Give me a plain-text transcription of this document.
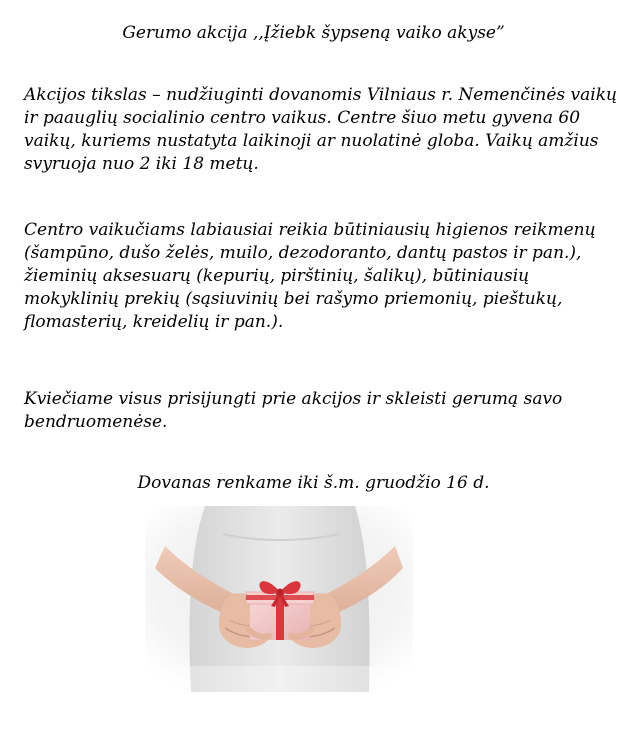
Gerumo akcija ,,Įžiebk šypseną vaiko akyse”

Akcijos tikslas – nudžiuginti dovanomis Vilniaus r. Nemenčinės vaikų ir paauglių socialinio centro vaikus. Centre šiuo metu gyvena 60 vaikų, kuriems nustatyta laikinoji ar nuolatinė globa. Vaikų amžius svyruoja nuo 2 iki 18 metų.

Centro vaikučiams labiausiai reikia būtiniausių higienos reikmenų (šampūno, dušo želės, muilo, dezodoranto, dantų pastos ir pan.), žieminių aksesuarų (kepurių, pirštinių, šalikų), būtiniausių mokyklinių prekių (sąsiuvinių bei rašymo priemonių, pieštukų, flomasterių, kreidelių ir pan.).

Kviečiame visus prisijungti prie akcijos ir skleisti gerumą savo bendruomenėse.

Dovanas renkame iki š.m. gruodžio 16 d.
